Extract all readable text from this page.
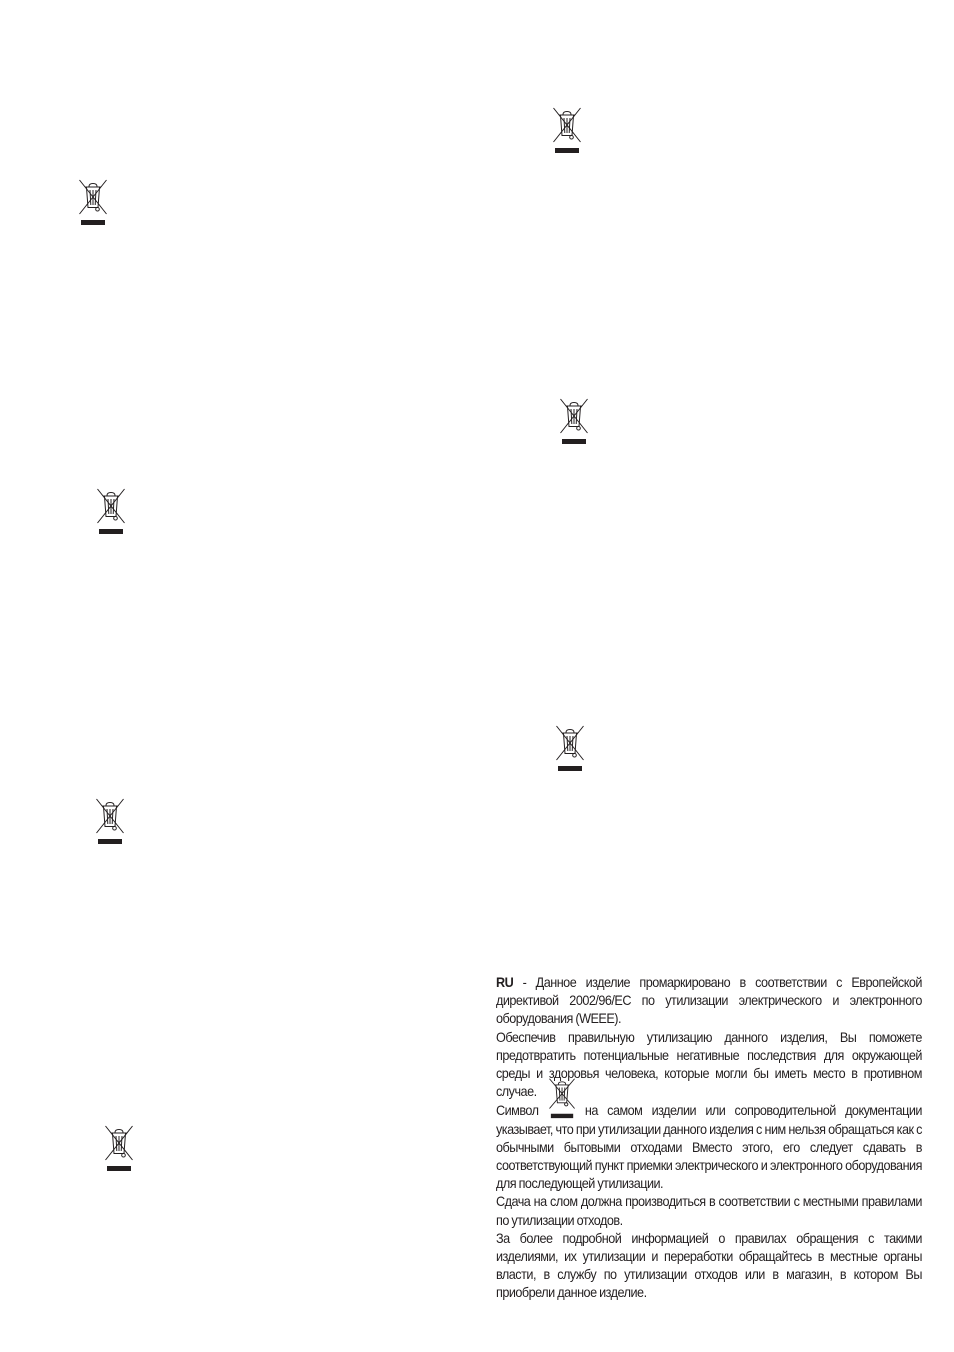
RU - Данное изделие промаркировано в соответствии с Европейской директивой 2002/96/EC по утилизации электрического и электронного оборудования (WEEE).

Обеспечив правильную утилизацию данного изделия, Вы поможете предотвратить потенциальные негативные последствия для окружающей среды и здоровья человека, которые могли бы иметь место в противном случае.

Символ	на самом изделии или сопроводительной документации указывает, что при утилизации данного изделия с ним нельзя обращаться как с обычными бытовыми отходами Вместо этого, его следует сдавать в соответствующий пункт приемки электрического и электронного оборудования для последующей утилизации.

Сдача на слом должна производиться в соответствии с местными правилами по утилизации отходов.

За более подробной информацией о правилах обращения с такими изделиями, их утилизации и переработки обращайтесь в местные органы власти, в службу по утилизации отходов или в магазин, в котором Вы приобрели данное изделие.
